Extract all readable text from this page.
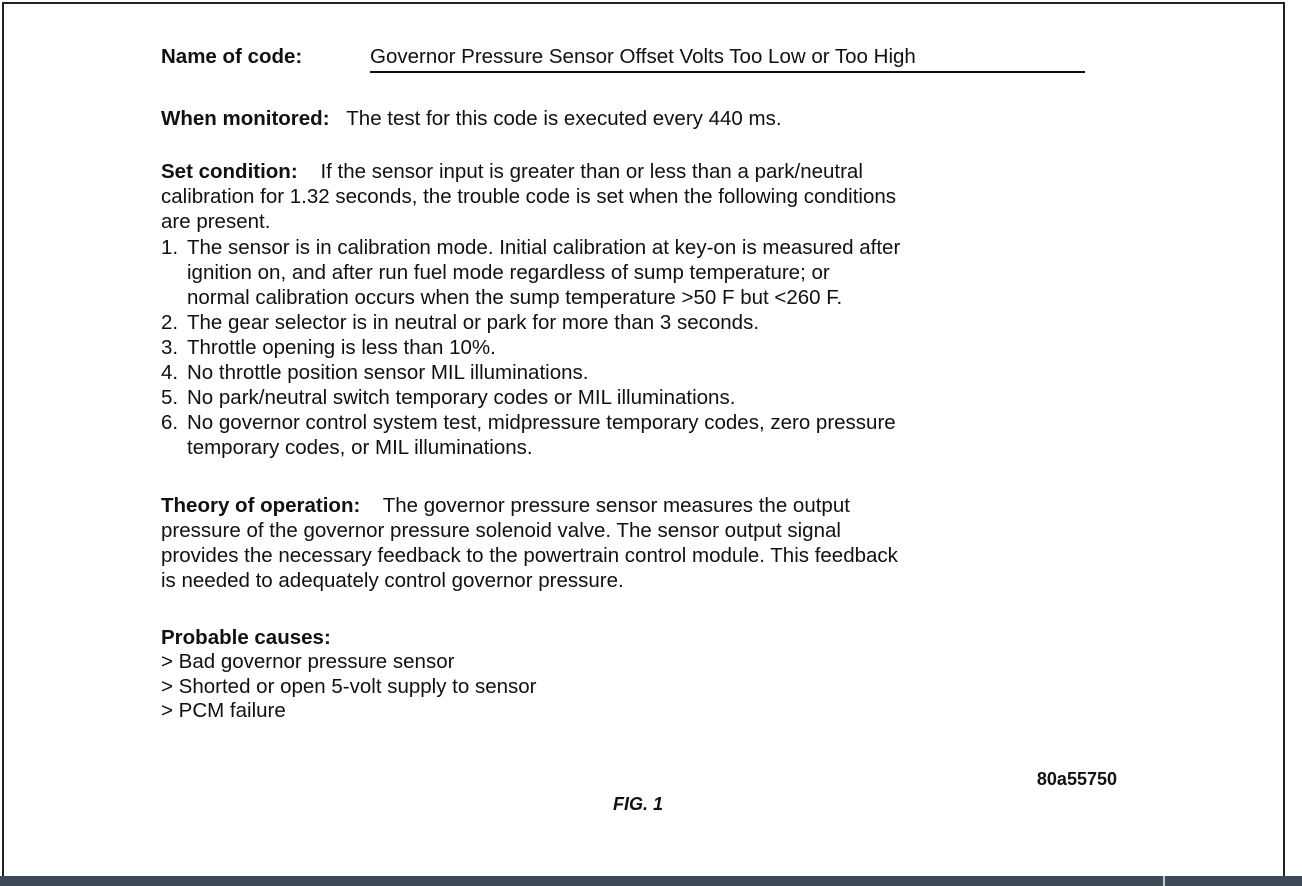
Name of code:	Governor Pressure Sensor Offset Volts Too Low or Too High
When monitored: The test for this code is executed every 440 ms.
Set condition: If the sensor input is greater than or less than a park/neutral
calibration for 1.32 seconds, the trouble code is set when the following conditions
are present.
1. The sensor is in calibration mode. Initial calibration at key-on is measured after
ignition on, and after run fuel mode regardless of sump temperature; or
normal calibration occurs when the sump temperature >50 F but <260 F.
2. The gear selector is in neutral or park for more than 3 seconds.
3. Throttle opening is less than 10%.
4. No throttle position sensor MIL illuminations.
5. No park/neutral switch temporary codes or MIL illuminations.
6. No governor control system test, midpressure temporary codes, zero pressure
temporary codes, or MIL illuminations.
Theory of operation: The governor pressure sensor measures the output
pressure of the governor pressure solenoid valve. The sensor output signal
provides the necessary feedback to the powertrain control module. This feedback
is needed to adequately control governor pressure.
Probable causes:
> Bad governor pressure sensor
> Shorted or open 5-volt supply to sensor
> PCM failure
80a55750
FIG. 1
